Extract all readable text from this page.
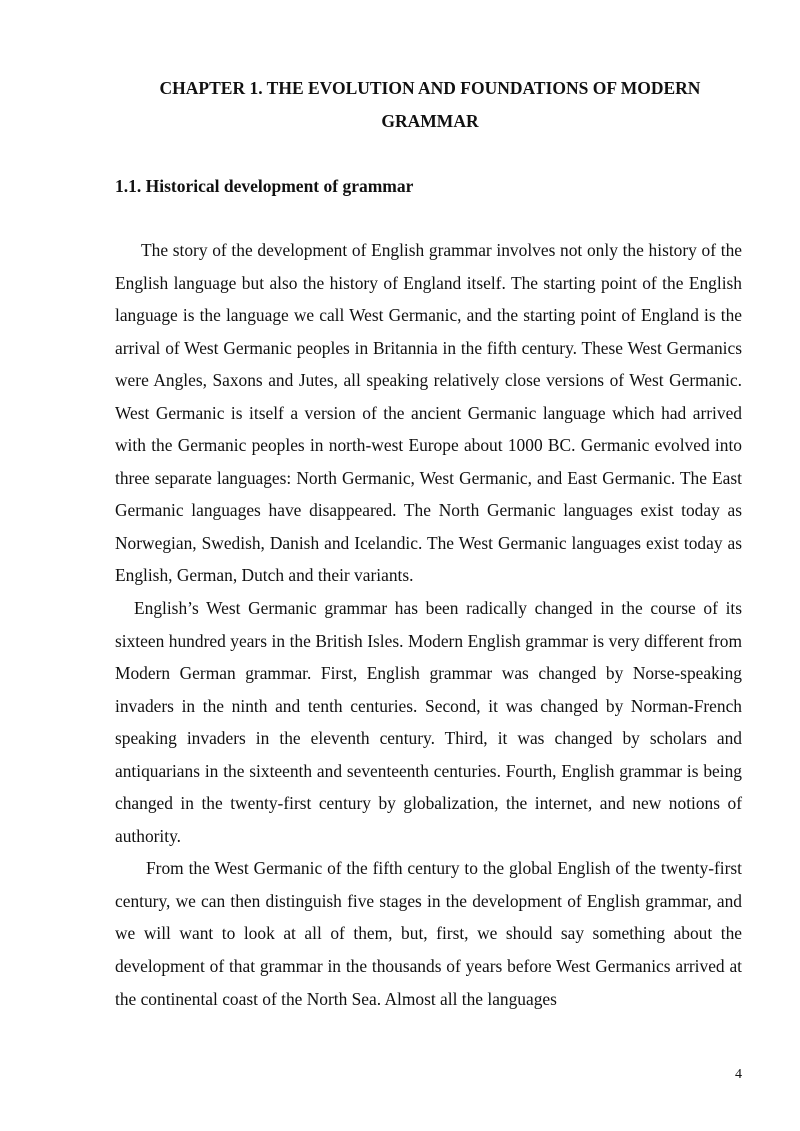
CHAPTER 1. THE EVOLUTION AND FOUNDATIONS OF MODERN GRAMMAR
1.1. Historical development of grammar

The story of the development of English grammar involves not only the history of the English language but also the history of England itself. The starting point of the English language is the language we call West Germanic, and the starting point of England is the arrival of West Germanic peoples in Britannia in the fifth century. These West Germanics were Angles, Saxons and Jutes, all speaking relatively close versions of West Germanic. West Germanic is itself a version of the ancient Germanic language which had arrived with the Germanic peoples in north-west Europe about 1000 BC. Germanic evolved into three separate languages: North Germanic, West Germanic, and East Germanic. The East Germanic languages have disappeared. The North Germanic languages exist today as Norwegian, Swedish, Danish and Icelandic. The West Germanic languages exist today as English, German, Dutch and their variants.

English’s West Germanic grammar has been radically changed in the course of its sixteen hundred years in the British Isles. Modern English grammar is very different from Modern German grammar. First, English grammar was changed by Norse-speaking invaders in the ninth and tenth centuries. Second, it was changed by Norman-French speaking invaders in the eleventh century. Third, it was changed by scholars and antiquarians in the sixteenth and seventeenth centuries. Fourth, English grammar is being changed in the twenty-first century by globalization, the internet, and new notions of authority.

From the West Germanic of the fifth century to the global English of the twenty-first century, we can then distinguish five stages in the development of English grammar, and we will want to look at all of them, but, first, we should say something about the development of that grammar in the thousands of years before West Germanics arrived at the continental coast of the North Sea. Almost all the languages

4
